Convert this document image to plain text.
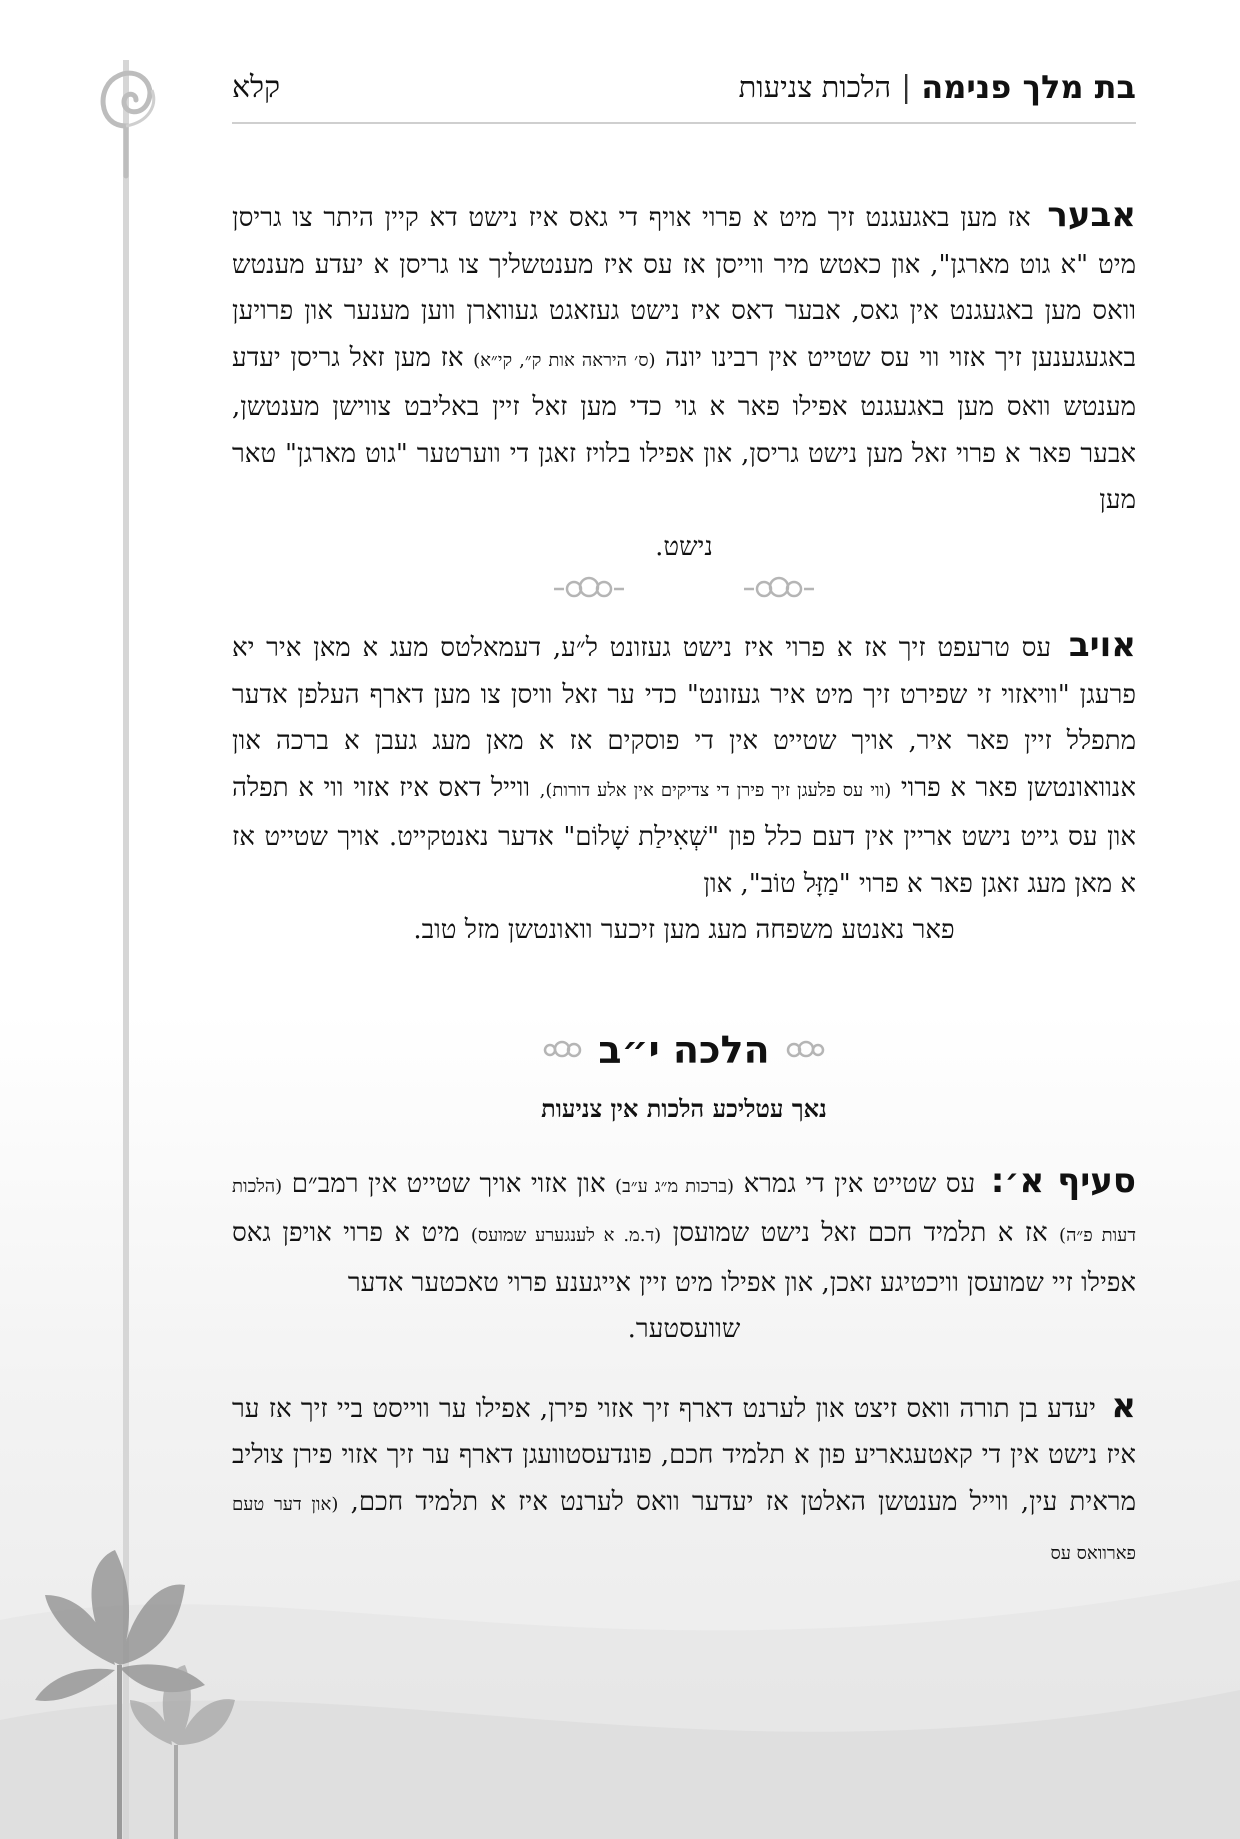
בת מלך פנימה
|
הלכות צניעות
קלא

אבער אז מען באגעגנט זיך מיט א פרוי אויף די גאס איז נישט דא קיין היתר צו גריסן מיט "א גוט מארגן", און כאטש מיר ווייסן אז עס איז מענטשליך צו גריסן א יעדע מענטש וואס מען באגעגנט אין גאס, אבער דאס איז נישט געזאגט געווארן ווען מענער און פרויען באגעגענען זיך אזוי ווי עס שטייט אין רבינו יונה (ס׳ היראה אות ק״, קי״א) אז מען זאל גריסן יעדע מענטש וואס מען באגעגנט אפילו פאר א גוי כדי מען זאל זיין באליבט צווישן מענטשן, אבער פאר א פרוי זאל מען נישט גריסן, און אפילו בלויז זאגן די ווערטער "גוט מארגן" טאר מען
נישט.

אויב עס טרעפט זיך אז א פרוי איז נישט געזונט ל״ע, דעמאלטס מעג א מאן איר יא פרעגן "וויאזוי זי שפירט זיך מיט איר געזונט" כדי ער זאל וויסן צו מען דארף העלפן אדער מתפלל זיין פאר איר, אויך שטייט אין די פוסקים אז א מאן מעג געבן א ברכה און אנוואונטשן פאר א פרוי (ווי עס פלעגן זיך פירן די צדיקים אין אלע דורות), ווייל דאס איז אזוי ווי א תפלה און עס גייט נישט אריין אין דעם כלל פון "שְׁאִילַת שָׁלוֹם" אדער נאנטקייט. אויך שטייט אז א מאן מעג זאגן פאר א פרוי "מַזָּל טוֹב", און
פאר נאנטע משפחה מעג מען זיכער וואונטשן מזל טוב.

הלכה י״ב
נאך עטליכע הלכות אין צניעות

סעיף א׳: עס שטייט אין די גמרא (ברכות מ״ג ע״ב) און אזוי אויך שטייט אין רמב״ם (הלכות דעות פ״ה) אז א תלמיד חכם זאל נישט שמועסן (ד.מ. א לענגערע שמועס) מיט א פרוי אויפן גאס אפילו זיי שמועסן וויכטיגע זאכן, און אפילו מיט זיין אייגענע פרוי טאכטער אדער
שוועסטער.

א יעדע בן תורה וואס זיצט און לערנט דארף זיך אזוי פירן, אפילו ער ווייסט ביי זיך אז ער איז נישט אין די קאטעגאריע פון א תלמיד חכם, פונדעסטוועגן דארף ער זיך אזוי פירן צוליב מראית עין, ווייל מענטשן האלטן אז יעדער וואס לערנט איז א תלמיד חכם, (און דער טעם פארוואס עס
